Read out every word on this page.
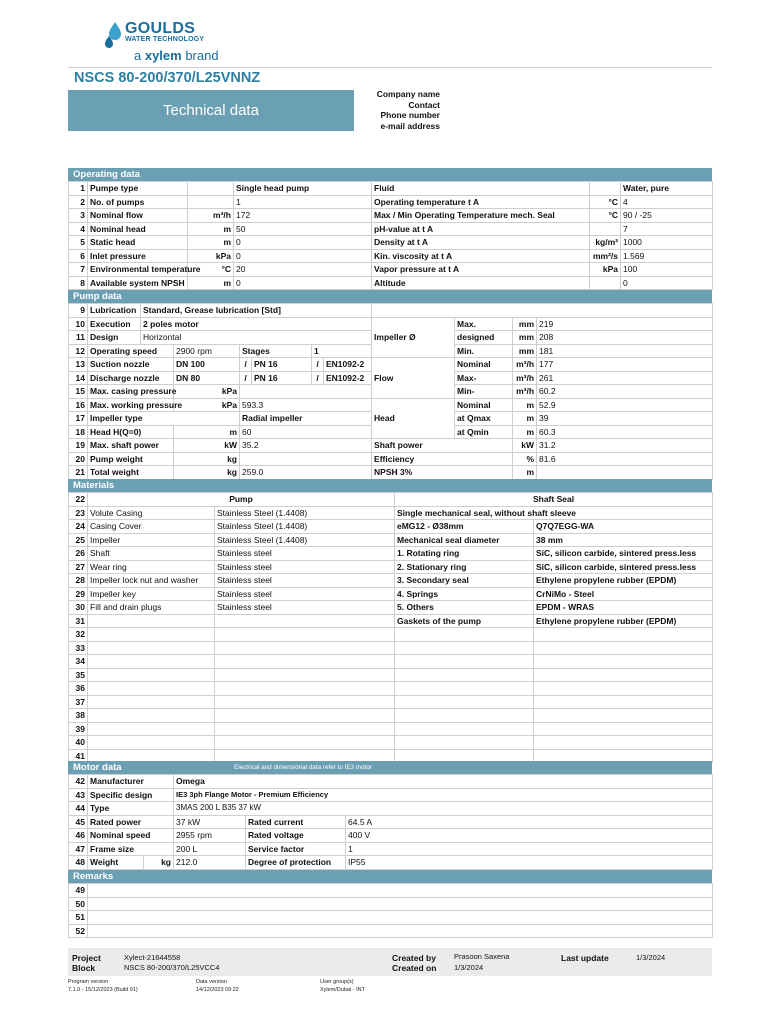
GOULDS
WATER TECHNOLOGY
a xylem brand
NSCS 80-200/370/L25VNNZ
Technical data
Company name
Contact
Phone number
e-mail address
Operating data
1	Pumpe type		Single head pump	Fluid		Water, pure
2	No. of pumps		1	Operating temperature t A	°C	4
3	Nominal flow	m³/h	172	Max / Min Operating Temperature mech. Seal	°C	90 / -25
4	Nominal head	m	50	pH-value at t A		7
5	Static head	m	0	Density at t A	kg/m³	1000
6	Inlet pressure	kPa	0	Kin. viscosity at t A	mm²/s	1.569
7	Environmental temperature	°C	20	Vapor pressure at t A	kPa	100
8	Available system NPSH	m	0	Altitude		0
Pump data
9	Lubrication	Standard, Grease lubrication [Std]									
10	Execution	2 poles motor						Impeller Ø	Max.	mm	219
11	Design	Horizontal							designed	mm	208
12	Operating speed		2900 rpm	Stages		1			Min.	mm	181
13	Suction nozzle		DN 100	/	PN 16	/	EN1092-2	Flow	Nominal	m³/h	177
14	Discharge nozzle		DN 80	/	PN 16	/	EN1092-2		Max-	m³/h	261
15	Max. casing pressure		kPa						Min-	m³/h	60.2
16	Max. working pressure		kPa	593.3				Head	Nominal	m	52.9
17	Impeller type			Radial impeller					at Qmax	m	39
18	Head H(Q=0)		m	60					at Qmin	m	60.3
19	Max. shaft power		kW	35.2				Shaft power		kW	31.2
20	Pump weight		kg					Efficiency		%	81.6
21	Total weight		kg	259.0				NPSH 3%		m	
Materials
22	Pump		Shaft Seal	
23	Volute Casing	Stainless Steel (1.4408)	Single mechanical seal, without shaft sleeve	
24	Casing Cover	Stainless Steel (1.4408)	eMG12 - Ø38mm	Q7Q7EGG-WA
25	Impeller	Stainless Steel (1.4408)	Mechanical seal diameter	38 mm
26	Shaft	Stainless steel	1. Rotating ring	SiC, silicon carbide, sintered press.less
27	Wear ring	Stainless steel	2. Stationary ring	SiC, silicon carbide, sintered press.less
28	Impeller lock nut and washer	Stainless steel	3. Secondary seal	Ethylene propylene rubber (EPDM)
29	Impeller key	Stainless steel	4. Springs	CrNiMo - Steel
30	Fill and drain plugs	Stainless steel	5. Others	EPDM - WRAS
31			Gaskets of the pump	Ethylene propylene rubber (EPDM)
32				
33				
34				
35				
36				
37				
38				
39				
40				
41				
Motor data	Electrical and dimensional data refer to IE3 motor
42	Manufacturer		Omega		
43	Specific design		IE3 3ph Flange Motor - Premium Efficiency		
44	Type		3MAS 200 L B35 37 kW		
45	Rated power		37 kW	Rated current	64.5 A
46	Nominal speed		2955 rpm	Rated voltage	400 V
47	Frame size		200 L	Service factor	1
48	Weight	kg	212.0	Degree of protection	IP55
Remarks
49	
50	
51	
52	
Project	Xylect-21644558
Block	NSCS 80-200/370/L25VCC4
Created by Prasoon Saxena
Created on 1/3/2024
Last update	1/3/2024
Program version
7.1.0 - 15/12/2023 (Build 91)
Data version
14/12/2023 09:22
User group(s)
Xylem/Dubai - INT
